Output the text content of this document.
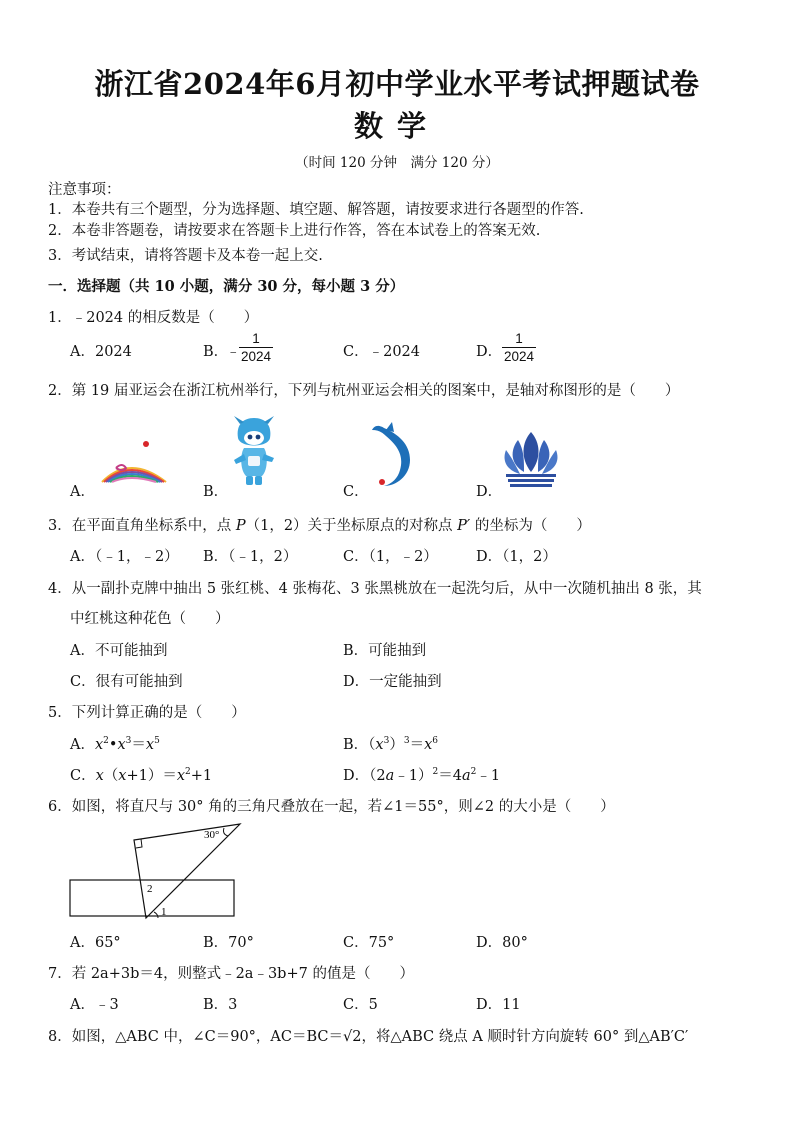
浙江省2024年6月初中学业水平考试押题试卷
数学
（时间 120 分钟　满分 120 分）
注意事项：
1．本卷共有三个题型，分为选择题、填空题、解答题，请按要求进行各题型的作答.
2．本卷非答题卷，请按要求在答题卡上进行作答，答在本试卷上的答案无效.
3．考试结束，请将答题卡及本卷一起上交.
一．选择题（共 10 小题，满分 30 分，每小题 3 分）
1．﹣2024 的相反数是（　　）
A．2024	B．
﹣
1
2024	C．﹣2024	D．
1
2024
2．第 19 届亚运会在浙江杭州举行，下列与杭州亚运会相关的图案中，是轴对称图形的是（　　）
A．	B．	C．	D．
3．在平面直角坐标系中，点 P（1，2）关于坐标原点的对称点 P′ 的坐标为（　　）
A．（﹣1，﹣2） B．（﹣1，2）	C．（1，﹣2）	D．（1，2）
4．从一副扑克牌中抽出 5 张红桃、4 张梅花、3 张黑桃放在一起洗匀后，从中一次随机抽出 8 张，其
中红桃这种花色（　　）
A．不可能抽到	B．可能抽到
C．很有可能抽到	D．一定能抽到
5．下列计算正确的是（　　）
A．$x^2•x^3=x^5$	B．$(x^3)^3=x^6$
C．$x(x+1)=x^2+1$	D．$(2a﹣1)^2=4a^2﹣1$
6．如图，将直尺与 30° 角的三角尺叠放在一起，若∠1＝55°，则∠2 的大小是（　　）
30°
2
1
A．65°	B．70°	C．75°	D．80°
7．若 2a+3b＝4，则整式﹣2a﹣3b+7 的值是（　　）
A．﹣3	B．3	C．5	D．11
8．如图，△ABC 中，∠C＝90°，AC＝BC＝√2，将△ABC 绕点 A 顺时针方向旋转 60° 到△AB′C′
